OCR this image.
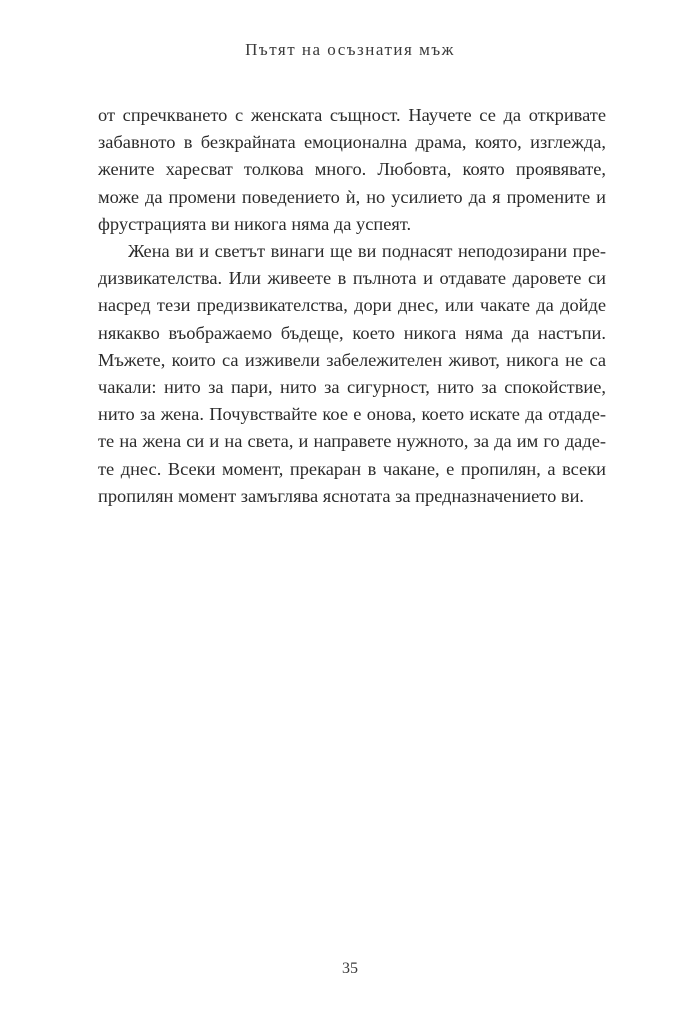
Пътят на осъзнатия мъж
от спречкването с женската същност. Научете се да откривате
забавното в безкрайната емоционална драма, която, изглежда,
жените харесват толкова много. Любовта, която проявявате,
може да промени поведението ѝ, но усилието да я промените и
фрустрацията ви никога няма да успеят.
Жена ви и светът винаги ще ви поднасят неподозирани пре-
дизвикателства. Или живеете в пълнота и отдавате даровете си
насред тези предизвикателства, дори днес, или чакате да дойде
някакво въображаемо бъдеще, което никога няма да настъпи.
Мъжете, които са изживели забележителен живот, никога не са
чакали: нито за пари, нито за сигурност, нито за спокойствие,
нито за жена. Почувствайте кое е онова, което искате да отдаде-
те на жена си и на света, и направете нужното, за да им го даде-
те днес. Всеки момент, прекаран в чакане, е пропилян, а всеки
пропилян момент замъглява яснотата за предназначението ви.
35
